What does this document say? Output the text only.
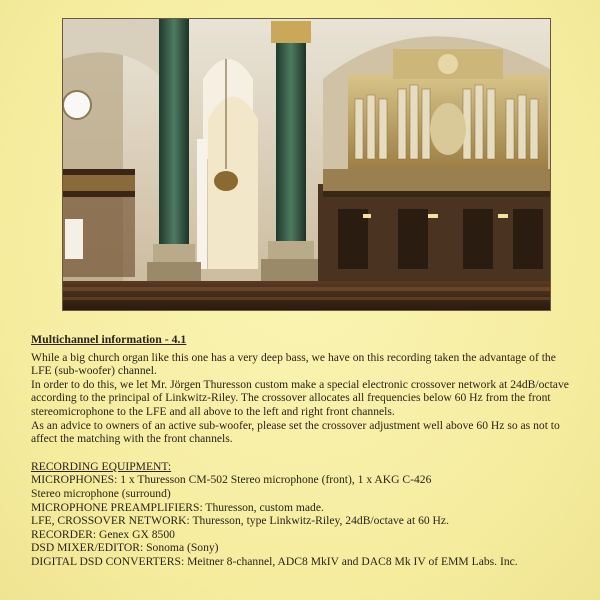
Multichannel information - 4.1

While a big church organ like this one has a very deep bass, we have on this recording taken the advantage of the LFE (sub-woofer) channel.

In order to do this, we let Mr. Jörgen Thuresson custom make a special electronic crossover network at 24dB/octave according to the principal of Linkwitz-Riley. The crossover allocates all frequencies below 60 Hz from the front stereomicrophone to the LFE and all above to the left and right front channels.

As an advice to owners of an active sub-woofer, please set the crossover adjustment well above 60 Hz so as not to affect the matching with the front channels.

RECORDING EQUIPMENT:
MICROPHONES: 1 x Thuresson CM-502 Stereo microphone (front), 1 x AKG C-426
Stereo microphone (surround)
MICROPHONE PREAMPLIFIERS: Thuresson, custom made.
LFE, CROSSOVER NETWORK: Thuresson, type Linkwitz-Riley, 24dB/octave at 60 Hz.
RECORDER: Genex GX 8500
DSD MIXER/EDITOR: Sonoma (Sony)
DIGITAL DSD CONVERTERS: Meitner 8-channel, ADC8 MkIV and DAC8 Mk IV of EMM Labs. Inc.
